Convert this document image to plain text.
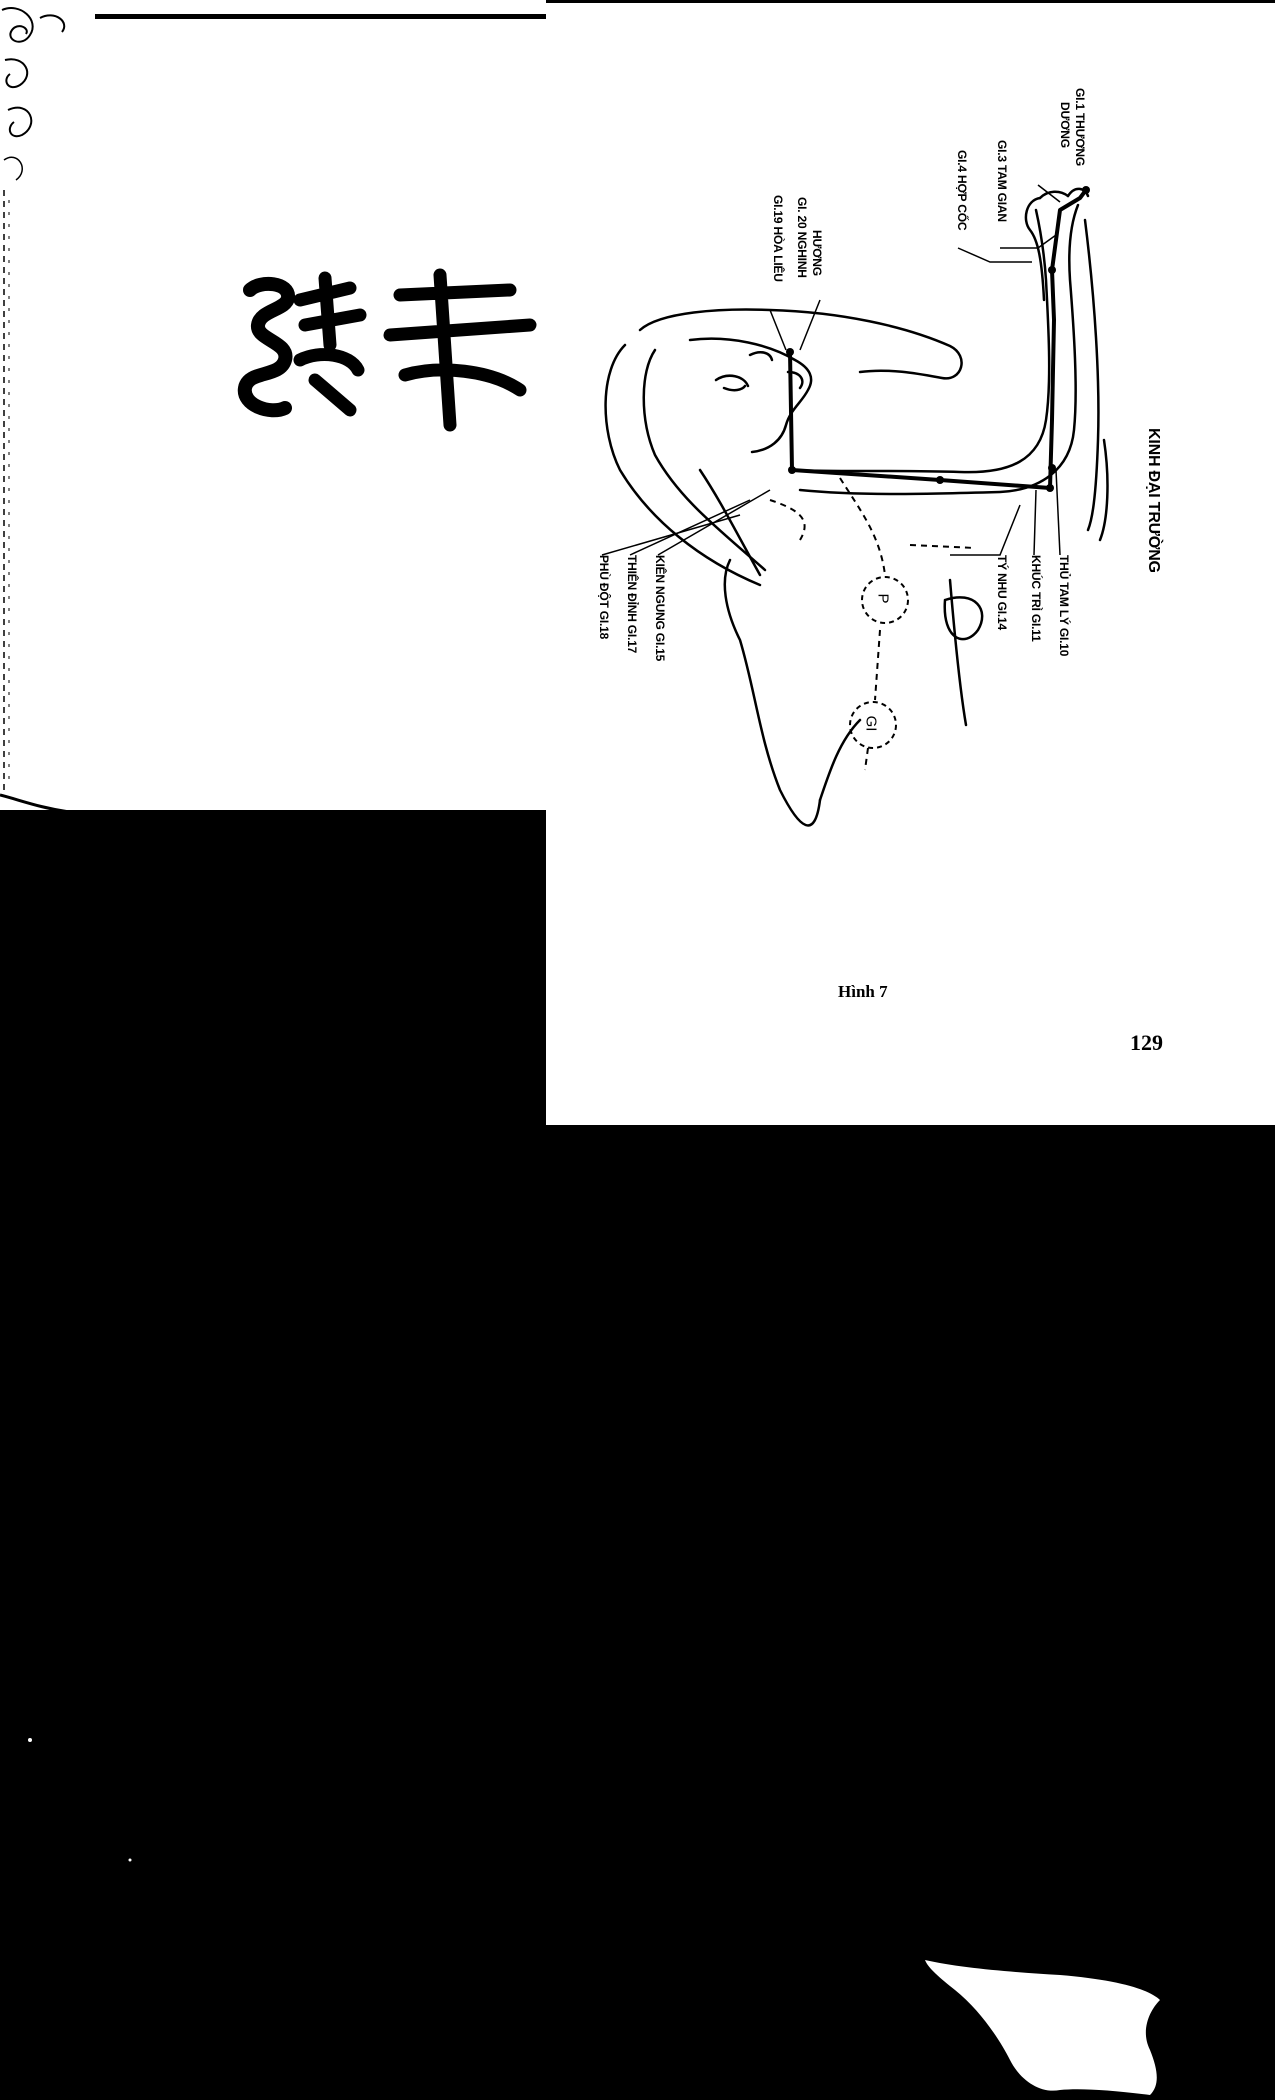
P
GI
GI.1 THƯƠNG
DƯƠNG
GI.3 TAM GIAN
GI.4 HỢP CỐC
GI.19 HÒA LIÊU GI. 20 NGHINH HƯƠNG
PHÙ ĐỘT GI.18 THIÊN ĐỈNH GI.17 KIÊN NGUNG GI.15	TÝ NHU GI.14 KHÚC TRÌ GI.11 THỦ TAM LÝ GI.10
KINH ĐẠI TRƯỜNG
Hình 7
129
